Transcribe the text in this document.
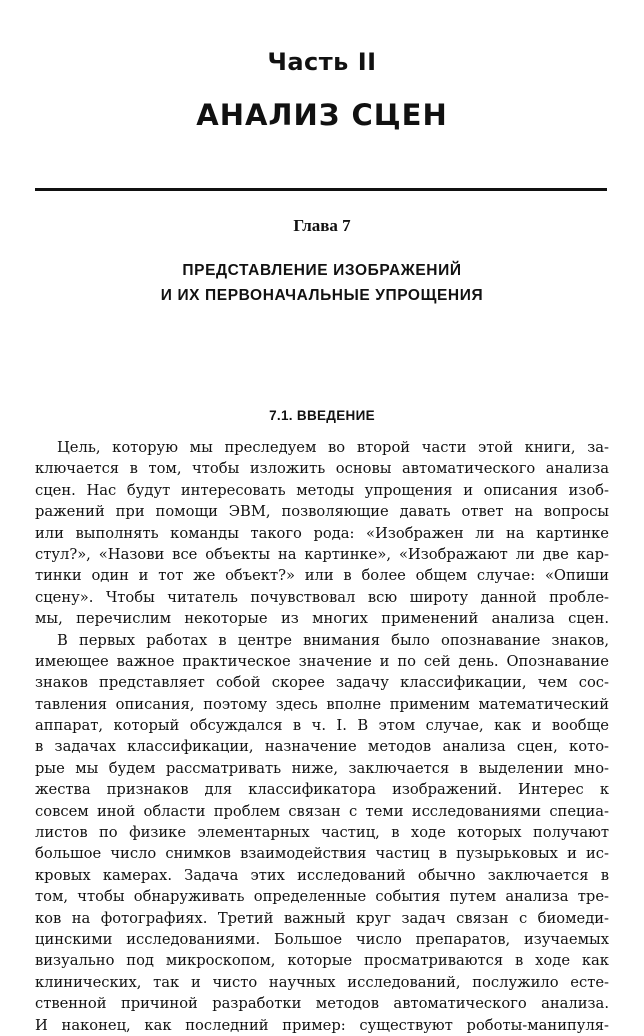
Часть II
АНАЛИЗ СЦЕН
Глава 7
ПРЕДСТАВЛЕНИЕ ИЗОБРАЖЕНИЙ
И ИХ ПЕРВОНАЧАЛЬНЫЕ УПРОЩЕНИЯ
7.1. ВВЕДЕНИЕ
Цель, которую мы преследуем во второй части этой книги, за-
ключается в том, чтобы изложить основы автоматического анализа
сцен. Нас будут интересовать методы упрощения и описания изоб-
ражений при помощи ЭВМ, позволяющие давать ответ на вопросы
или выполнять команды такого рода: «Изображен ли на картинке
стул?», «Назови все объекты на картинке», «Изображают ли две кар-
тинки один и тот же объект?» или в более общем случае: «Опиши
сцену». Чтобы читатель почувствовал всю широту данной пробле-
мы, перечислим некоторые из многих применений анализа сцен.
В первых работах в центре внимания было опознавание знаков,
имеющее важное практическое значение и по сей день. Опознавание
знаков представляет собой скорее задачу классификации, чем сос-
тавления описания, поэтому здесь вполне применим математический
аппарат, который обсуждался в ч. I. В этом случае, как и вообще
в задачах классификации, назначение методов анализа сцен, кото-
рые мы будем рассматривать ниже, заключается в выделении мно-
жества признаков для классификатора изображений. Интерес к
совсем иной области проблем связан с теми исследованиями специа-
листов по физике элементарных частиц, в ходе которых получают
большое число снимков взаимодействия частиц в пузырьковых и ис-
кровых камерах. Задача этих исследований обычно заключается в
том, чтобы обнаруживать определенные события путем анализа тре-
ков на фотографиях. Третий важный круг задач связан с биомеди-
цинскими исследованиями. Большое число препаратов, изучаемых
визуально под микроскопом, которые просматриваются в ходе как
клинических, так и чисто научных исследований, послужило есте-
ственной причиной разработки методов автоматического анализа.
И наконец, как последний пример: существуют роботы-манипуля-
